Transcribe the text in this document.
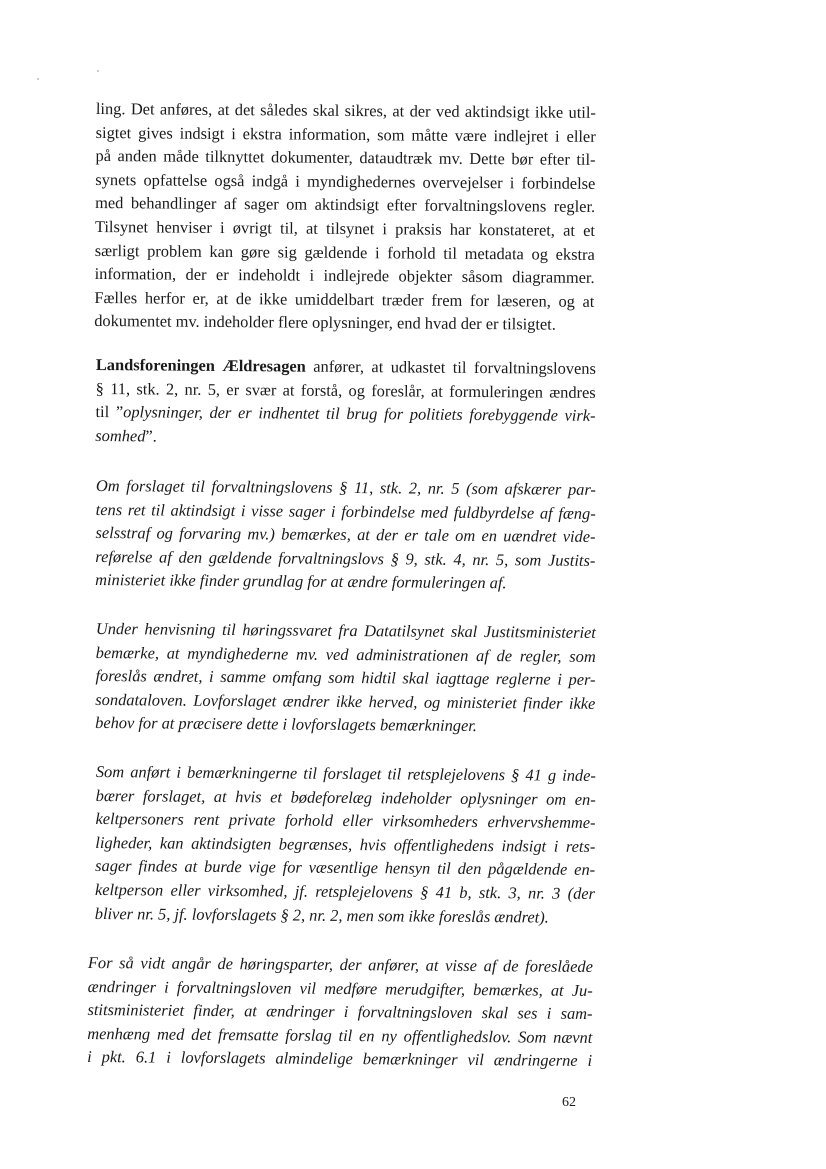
ling. Det anføres, at det således skal sikres, at der ved aktindsigt ikke util-
sigtet gives indsigt i ekstra information, som måtte være indlejret i eller
på anden måde tilknyttet dokumenter, dataudtræk mv. Dette bør efter til-
synets opfattelse også indgå i myndighedernes overvejelser i forbindelse
med behandlinger af sager om aktindsigt efter forvaltningslovens regler.
Tilsynet henviser i øvrigt til, at tilsynet i praksis har konstateret, at et
særligt problem kan gøre sig gældende i forhold til metadata og ekstra
information, der er indeholdt i indlejrede objekter såsom diagrammer.
Fælles herfor er, at de ikke umiddelbart træder frem for læseren, og at
dokumentet mv. indeholder flere oplysninger, end hvad der er tilsigtet.
Landsforeningen Ældresagen anfører, at udkastet til forvaltningslovens
§ 11, stk. 2, nr. 5, er svær at forstå, og foreslår, at formuleringen ændres
til ”oplysninger, der er indhentet til brug for politiets forebyggende virk-
somhed”.
Om forslaget til forvaltningslovens § 11, stk. 2, nr. 5 (som afskærer par-
tens ret til aktindsigt i visse sager i forbindelse med fuldbyrdelse af fæng-
selsstraf og forvaring mv.) bemærkes, at der er tale om en uændret vide-
reførelse af den gældende forvaltningslovs § 9, stk. 4, nr. 5, som Justits-
ministeriet ikke finder grundlag for at ændre formuleringen af.
Under henvisning til høringssvaret fra Datatilsynet skal Justitsministeriet
bemærke, at myndighederne mv. ved administrationen af de regler, som
foreslås ændret, i samme omfang som hidtil skal iagttage reglerne i per-
sondataloven. Lovforslaget ændrer ikke herved, og ministeriet finder ikke
behov for at præcisere dette i lovforslagets bemærkninger.
Som anført i bemærkningerne til forslaget til retsplejelovens § 41 g inde-
bærer forslaget, at hvis et bødeforelæg indeholder oplysninger om en-
keltpersoners rent private forhold eller virksomheders erhvervshemme-
ligheder, kan aktindsigten begrænses, hvis offentlighedens indsigt i rets-
sager findes at burde vige for væsentlige hensyn til den pågældende en-
keltperson eller virksomhed, jf. retsplejelovens § 41 b, stk. 3, nr. 3 (der
bliver nr. 5, jf. lovforslagets § 2, nr. 2, men som ikke foreslås ændret).
For så vidt angår de høringsparter, der anfører, at visse af de foreslåede
ændringer i forvaltningsloven vil medføre merudgifter, bemærkes, at Ju-
stitsministeriet finder, at ændringer i forvaltningsloven skal ses i sam-
menhæng med det fremsatte forslag til en ny offentlighedslov. Som nævnt
i pkt. 6.1 i lovforslagets almindelige bemærkninger vil ændringerne i
62
